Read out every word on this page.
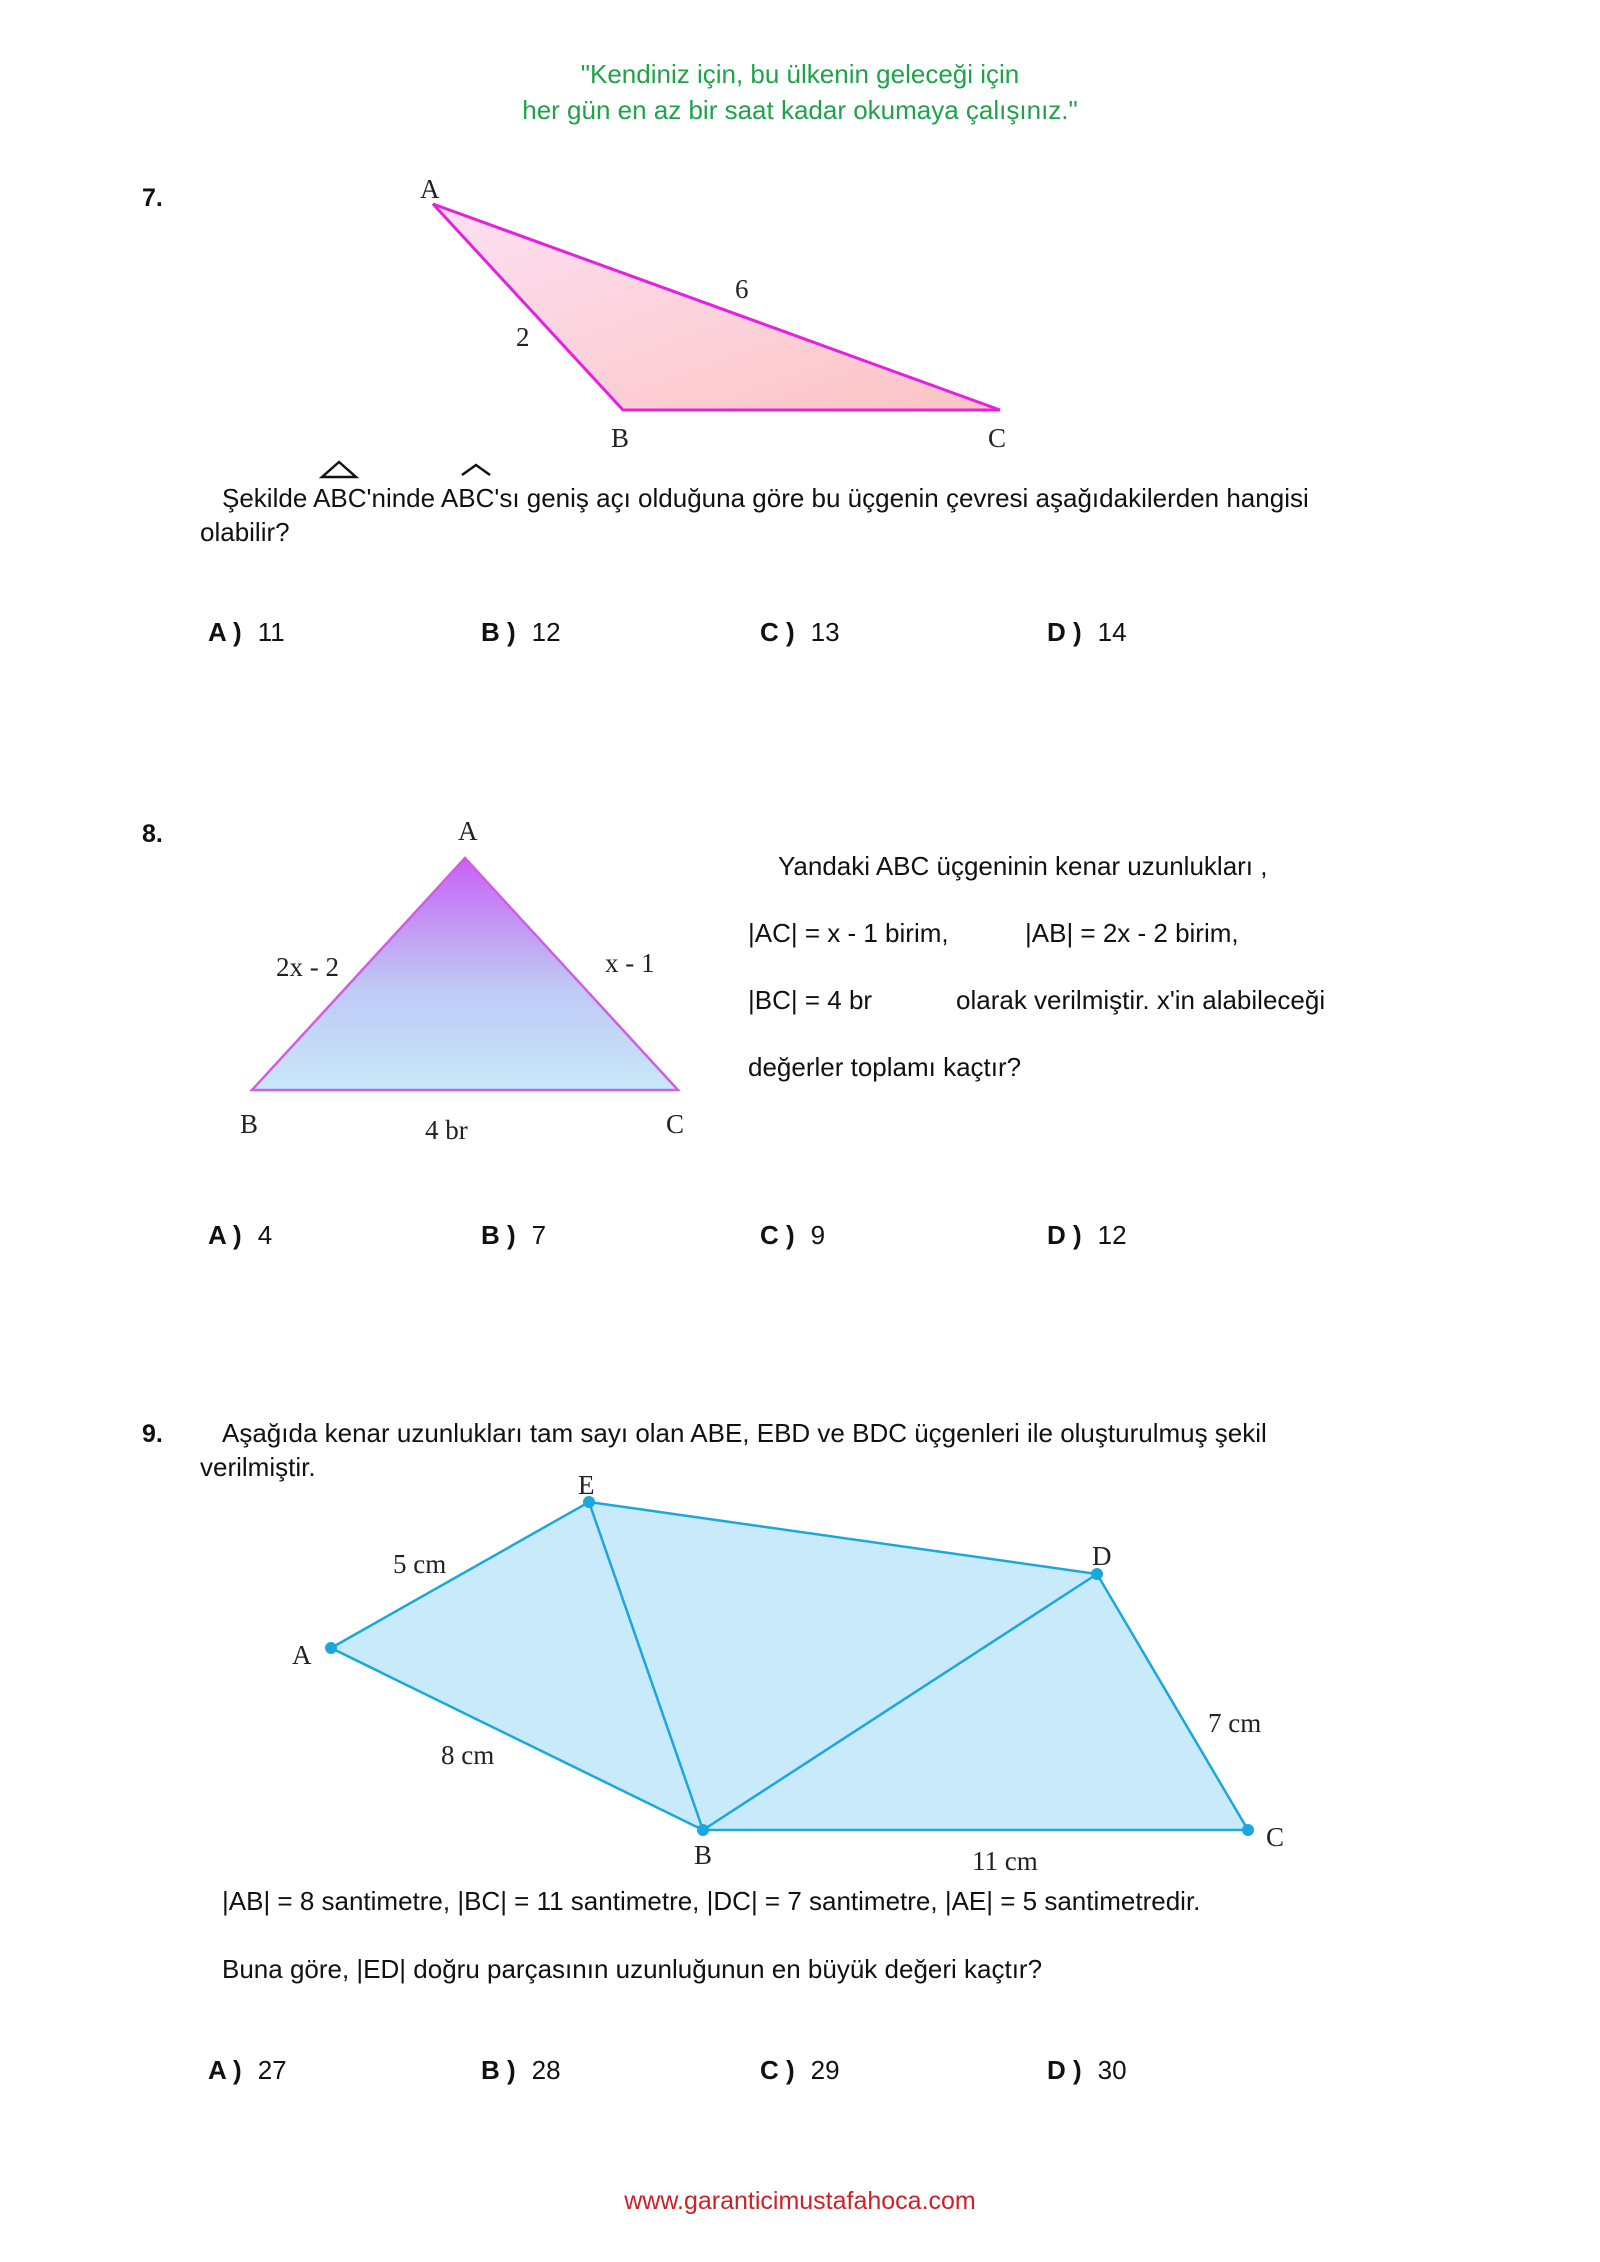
"Kendiniz için, bu ülkenin geleceği için
her gün en az bir saat kadar okumaya çalışınız."
A
B	C
6
2
A
B	C
2x - 2	x - 1
4 br
A
E
D
C
B
5 cm
8 cm
7 cm
11 cm
7.
Şekilde ABC'ninde ABC'sı geniş açı olduğuna göre bu üçgenin çevresi aşağıdakilerden hangisi
olabilir?
A ) 11	B ) 12	C ) 13	D ) 14
8.
Yandaki ABC üçgeninin kenar uzunlukları ,
|AC| = x - 1 birim,	|AB| = 2x - 2 birim,
|BC| = 4 br	olarak verilmiştir. x'in alabileceği
değerler toplamı kaçtır?
A ) 4	B ) 7	C ) 9	D ) 12
9. Aşağıda kenar uzunlukları tam sayı olan ABE, EBD ve BDC üçgenleri ile oluşturulmuş şekil
verilmiştir.
|AB| = 8 santimetre, |BC| = 11 santimetre, |DC| = 7 santimetre, |AE| = 5 santimetredir.
Buna göre, |ED| doğru parçasının uzunluğunun en büyük değeri kaçtır?
A ) 27	B ) 28	C ) 29	D ) 30
www.garanticimustafahoca.com
